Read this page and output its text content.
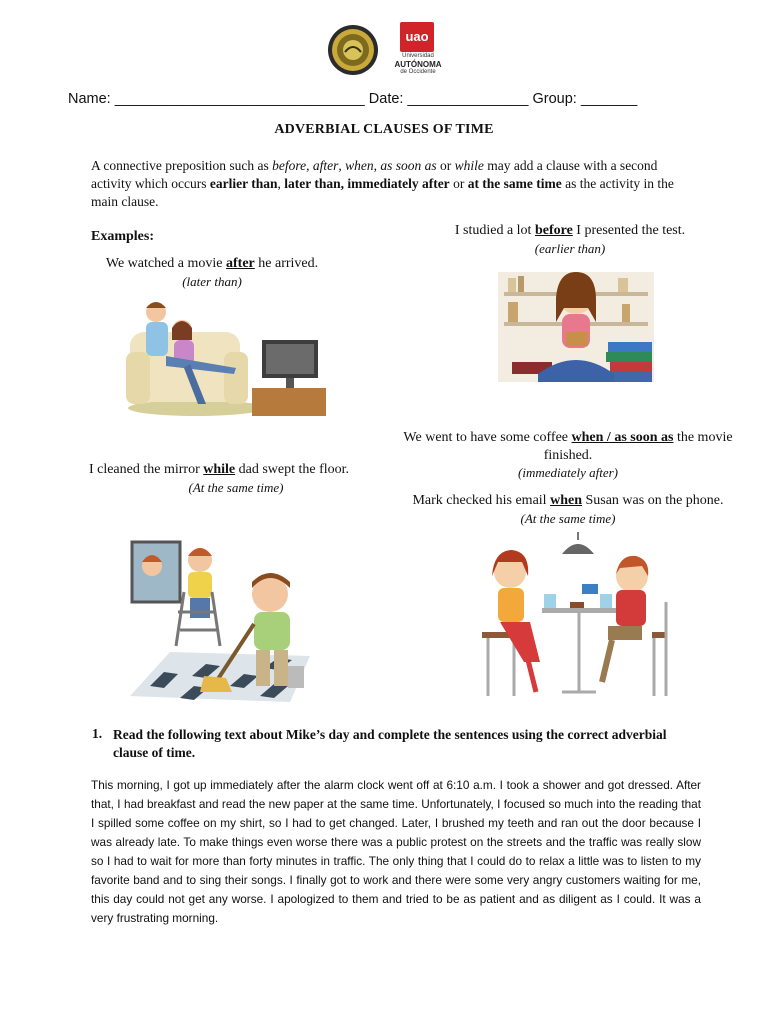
uao
Universidad
AUTÓNOMA
de Occidente
Name: _______________________________ Date: _______________ Group: _______
ADVERBIAL CLAUSES OF TIME
A connective preposition such as before, after, when, as soon as or while may add a clause with a second activity which occurs earlier than, later than, immediately after or at the same time as the activity in the main clause.
Examples:
We watched a movie after he arrived.
(later than)
I studied a lot before I presented the test.
(earlier than)
We went to have some coffee when / as soon as the movie finished.
(immediately after)
I cleaned the mirror while dad swept the floor.
(At the same time)
Mark checked his email when Susan was on the phone.
(At the same time)
1. Read the following text about Mike’s day and complete the sentences using the correct adverbial clause of time.
This morning, I got up immediately after the alarm clock went off at 6:10 a.m. I took a shower and got dressed. After that, I had breakfast and read the new paper at the same time. Unfortunately, I focused so much into the reading that I spilled some coffee on my shirt, so I had to get changed. Later, I brushed my teeth and ran out the door because I was already late. To make things even worse there was a public protest on the streets and the traffic was really slow so I had to wait for more than forty minutes in traffic. The only thing that I could do to relax a little was to listen to my favorite band and to sing their songs. I finally got to work and there were some very angry customers waiting for me, this day could not get any worse. I apologized to them and tried to be as patient and as diligent as I could. It was a very frustrating morning.
